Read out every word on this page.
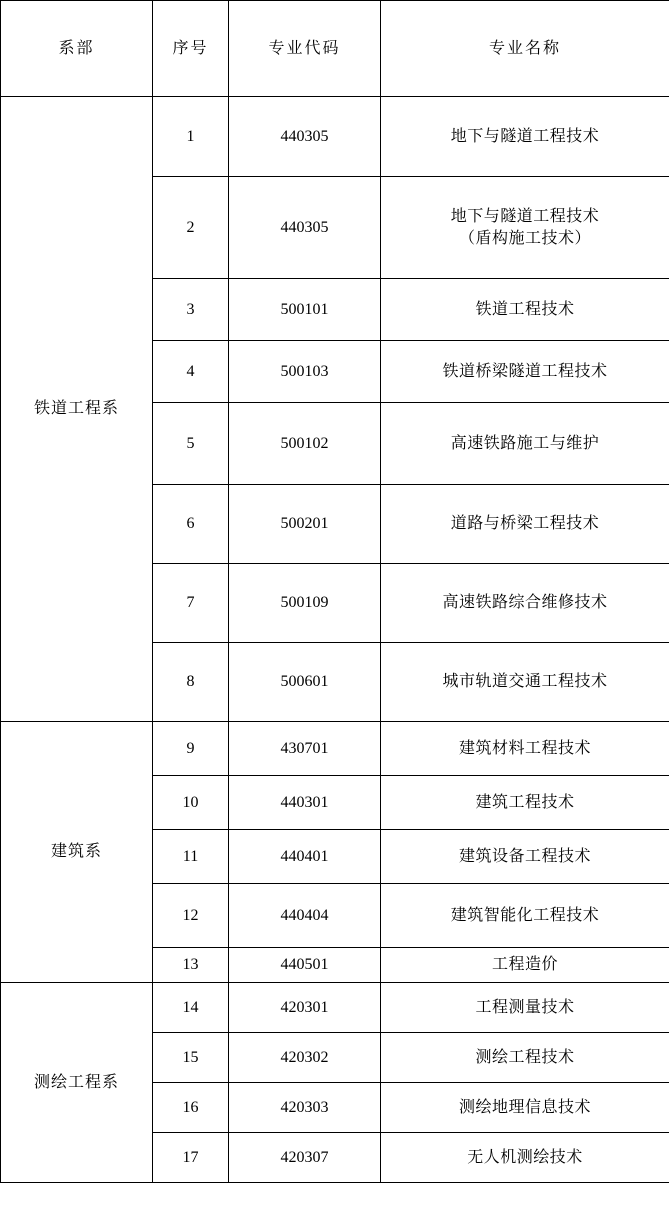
系部	序号	专业代码	专业名称
铁道工程系	1	440305	地下与隧道工程技术
	2	440305	地下与隧道工程技术
（盾构施工技术）

	3	500101	铁道工程技术
	4	500103	铁道桥梁隧道工程技术
	5	500102	高速铁路施工与维护
	6	500201	道路与桥梁工程技术
	7	500109	高速铁路综合维修技术
	8	500601	城市轨道交通工程技术
建筑系	9	430701	建筑材料工程技术
	10	440301	建筑工程技术
	11	440401	建筑设备工程技术
	12	440404	建筑智能化工程技术
	13	440501	工程造价
测绘工程系	14	420301	工程测量技术
	15	420302	测绘工程技术
	16	420303	测绘地理信息技术
	17	420307	无人机测绘技术
